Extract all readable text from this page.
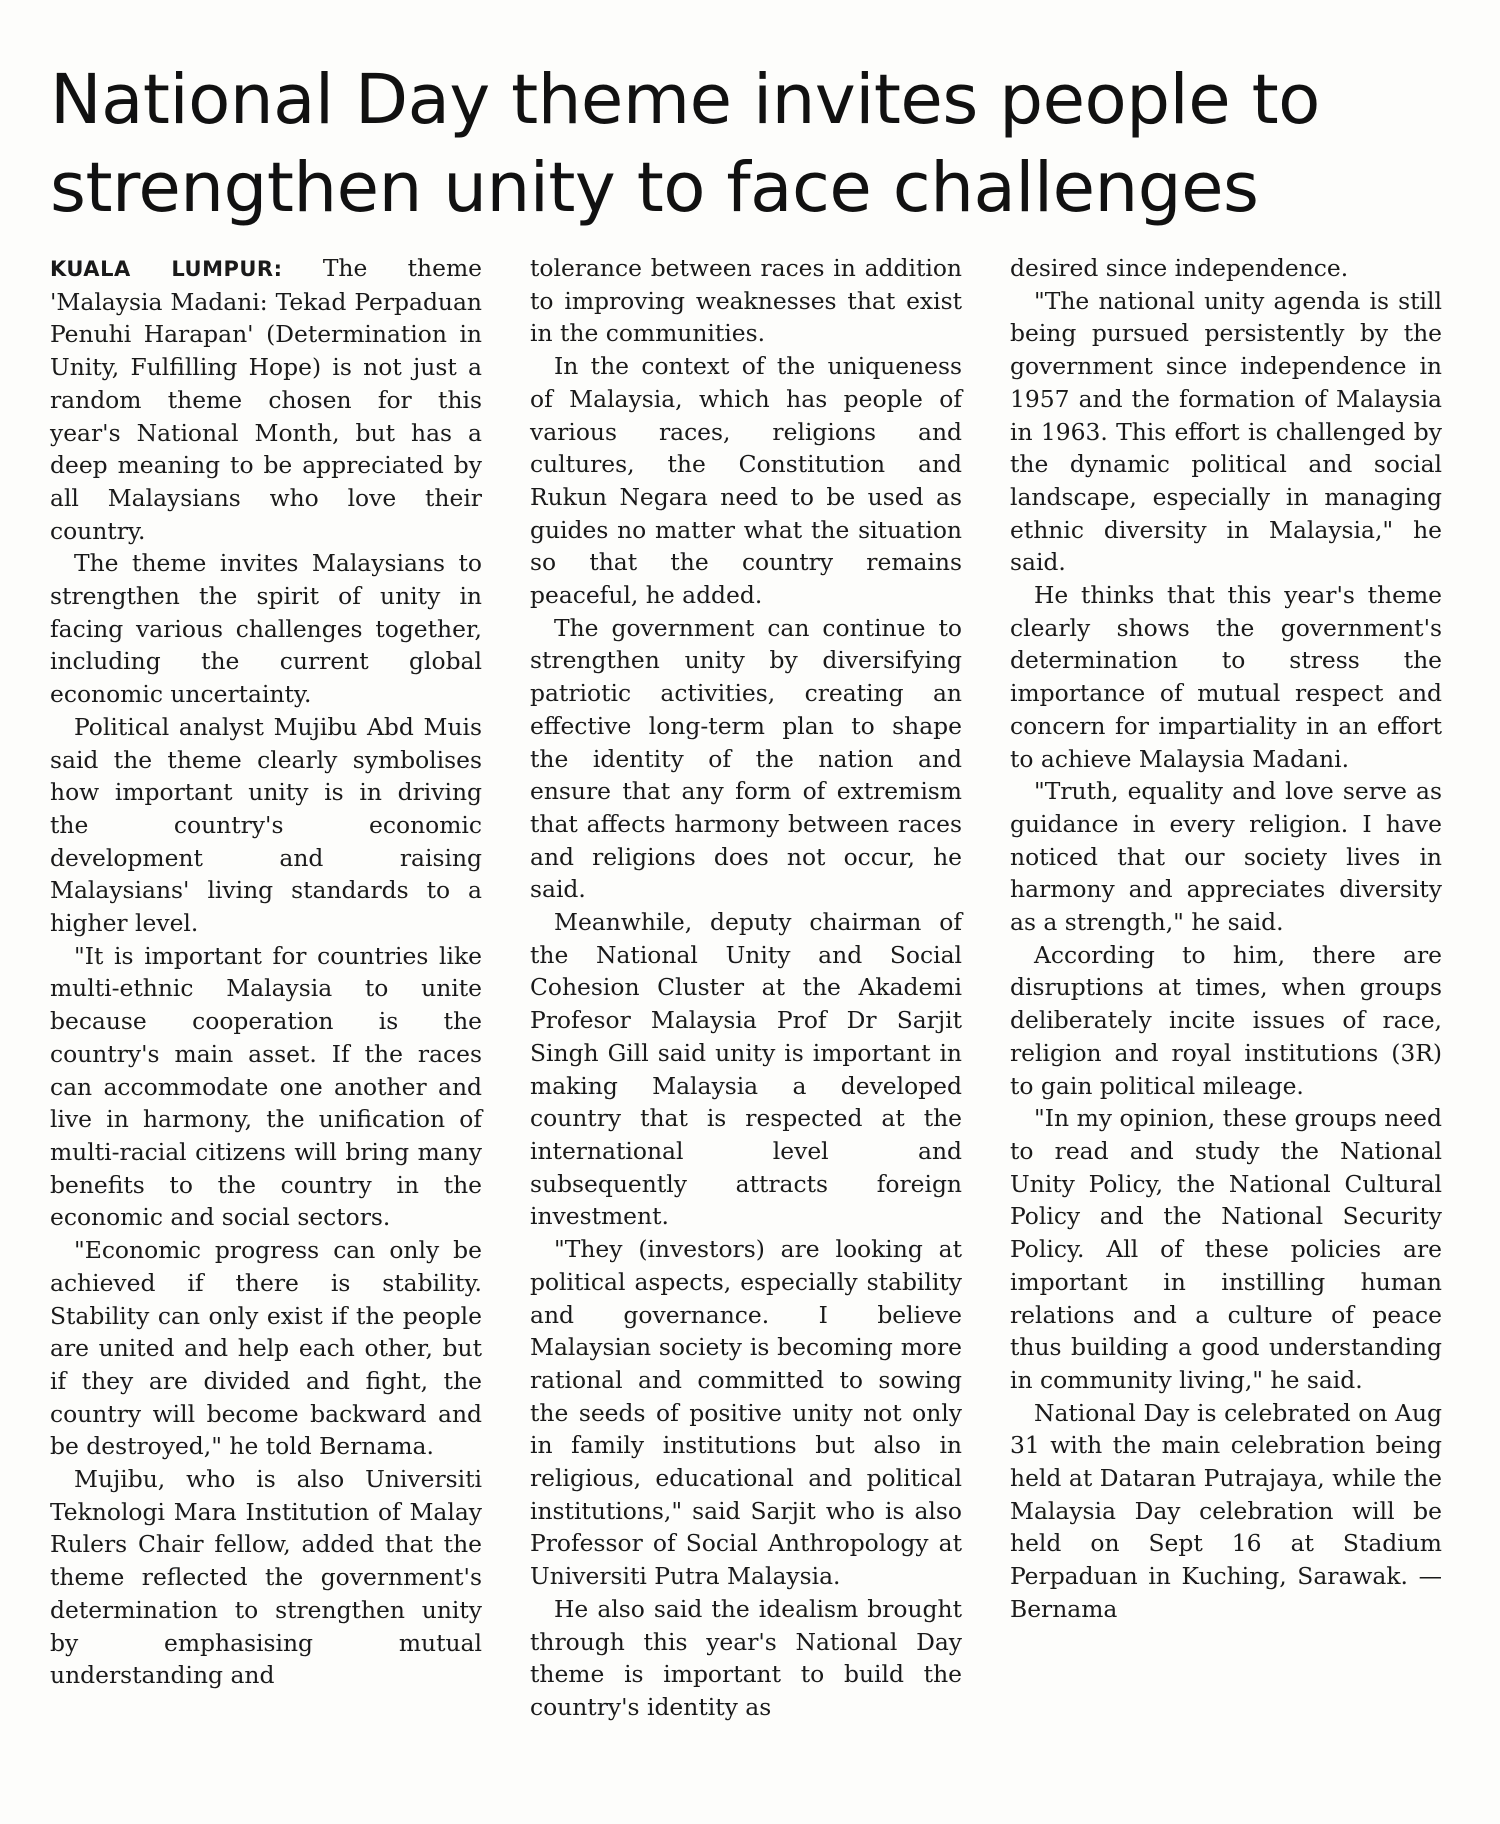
National Day theme invites people to
strengthen unity to face challenges

KUALA LUMPUR: The theme 'Malaysia Madani: Tekad Perpaduan Penuhi Harapan' (Determination in Unity, Fulfilling Hope) is not just a random theme chosen for this year's National Month, but has a deep meaning to be appreciated by all Malaysians who love their country.

The theme invites Malaysians to strengthen the spirit of unity in facing various challenges together, including the current global economic uncertainty.

Political analyst Mujibu Abd Muis said the theme clearly symbolises how important unity is in driving the country's economic development and raising Malaysians' living standards to a higher level.

"It is important for countries like multi-ethnic Malaysia to unite because cooperation is the country's main asset. If the races can accommodate one another and live in harmony, the unification of multi-racial citizens will bring many benefits to the country in the economic and social sectors.

"Economic progress can only be achieved if there is stability. Stability can only exist if the people are united and help each other, but if they are divided and fight, the country will become backward and be destroyed," he told Bernama.

Mujibu, who is also Universiti Teknologi Mara Institution of Malay Rulers Chair fellow, added that the theme reflected the government's determination to strengthen unity by emphasising mutual understanding and

tolerance between races in addition to improving weaknesses that exist in the communities.

In the context of the uniqueness of Malaysia, which has people of various races, religions and cultures, the Constitution and Rukun Negara need to be used as guides no matter what the situation so that the country remains peaceful, he added.

The government can continue to strengthen unity by diversifying patriotic activities, creating an effective long-term plan to shape the identity of the nation and ensure that any form of extremism that affects harmony between races and religions does not occur, he said.

Meanwhile, deputy chairman of the National Unity and Social Cohesion Cluster at the Akademi Profesor Malaysia Prof Dr Sarjit Singh Gill said unity is important in making Malaysia a developed country that is respected at the international level and subsequently attracts foreign investment.

"They (investors) are looking at political aspects, especially stability and governance. I believe Malaysian society is becoming more rational and committed to sowing the seeds of positive unity not only in family institutions but also in religious, educational and political institutions," said Sarjit who is also Professor of Social Anthropology at Universiti Putra Malaysia.

He also said the idealism brought through this year's National Day theme is important to build the country's identity as

desired since independence.

"The national unity agenda is still being pursued persistently by the government since independence in 1957 and the formation of Malaysia in 1963. This effort is challenged by the dynamic political and social landscape, especially in managing ethnic diversity in Malaysia," he said.

He thinks that this year's theme clearly shows the government's determination to stress the importance of mutual respect and concern for impartiality in an effort to achieve Malaysia Madani.

"Truth, equality and love serve as guidance in every religion. I have noticed that our society lives in harmony and appreciates diversity as a strength," he said.

According to him, there are disruptions at times, when groups deliberately incite issues of race, religion and royal institutions (3R) to gain political mileage.

"In my opinion, these groups need to read and study the National Unity Policy, the National Cultural Policy and the National Security Policy. All of these policies are important in instilling human relations and a culture of peace thus building a good understanding in community living," he said.

National Day is celebrated on Aug 31 with the main celebration being held at Dataran Putrajaya, while the Malaysia Day celebration will be held on Sept 16 at Stadium Perpaduan in Kuching, Sarawak. — Bernama
